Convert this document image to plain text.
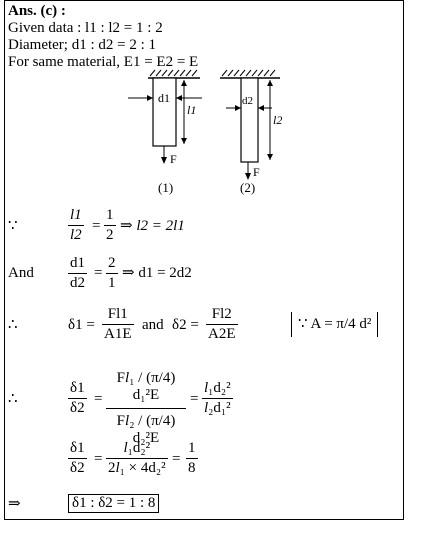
Ans. (c) :
Given data : l1 : l2 = 1 : 2
Diameter; d1 : d2 = 2 : 1
For same material, E1 = E2 = E
d1
l1
F
(1)
d2
l2
F
(2)
∵	$\frac{l1}{l2} = \frac{1}{2}$ ⇒ l2 = 2l1
And $\frac{d1}{d2} = \frac{2}{1}$ ⇒ d1 = 2d2
∴	$\delta 1 = \frac{Fl1}{A1E}$ and $\delta 2 = \frac{Fl2}{A2E}$	∵ A = π/4 d²
∴	$\frac{\delta 1}{\delta 2} = \frac{\text{Fl₁ / (π/4) d₁²E}}{\text{Fl₂ / (π/4) d₂²E}} = \frac{\text{l₁d₂²}}{\text{l₂d₁²}}$
$\frac{\delta 1}{\delta 2} = \frac{\text{l₁d₂²}}{\text{2l₁ × 4d₂²}} = \frac{1}{8}$
⇒	δ1 : δ2 = 1 : 8
